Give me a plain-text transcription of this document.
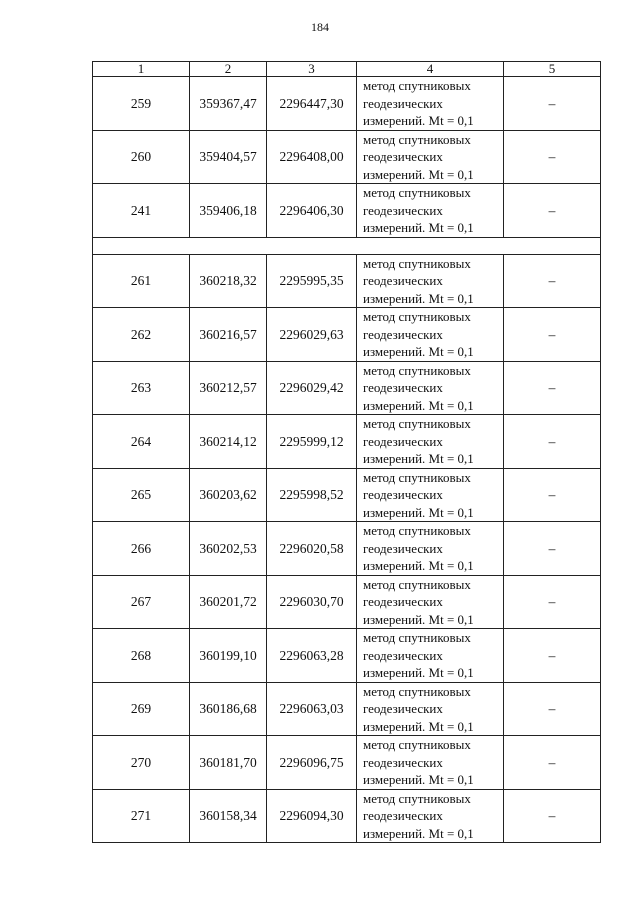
184
1	2	3	4	5
259	359367,47	2296447,30	метод спутниковых
геодезических
измерений. Mt = 0,1	–
260	359404,57	2296408,00	метод спутниковых
геодезических
измерений. Mt = 0,1	–
241	359406,18	2296406,30	метод спутниковых
геодезических
измерений. Mt = 0,1	–

261	360218,32	2295995,35	метод спутниковых
геодезических
измерений. Mt = 0,1	–
262	360216,57	2296029,63	метод спутниковых
геодезических
измерений. Mt = 0,1	–
263	360212,57	2296029,42	метод спутниковых
геодезических
измерений. Mt = 0,1	–
264	360214,12	2295999,12	метод спутниковых
геодезических
измерений. Mt = 0,1	–
265	360203,62	2295998,52	метод спутниковых
геодезических
измерений. Mt = 0,1	–
266	360202,53	2296020,58	метод спутниковых
геодезических
измерений. Mt = 0,1	–
267	360201,72	2296030,70	метод спутниковых
геодезических
измерений. Mt = 0,1	–
268	360199,10	2296063,28	метод спутниковых
геодезических
измерений. Mt = 0,1	–
269	360186,68	2296063,03	метод спутниковых
геодезических
измерений. Mt = 0,1	–
270	360181,70	2296096,75	метод спутниковых
геодезических
измерений. Mt = 0,1	–
271	360158,34	2296094,30	метод спутниковых
геодезических
измерений. Mt = 0,1	–
